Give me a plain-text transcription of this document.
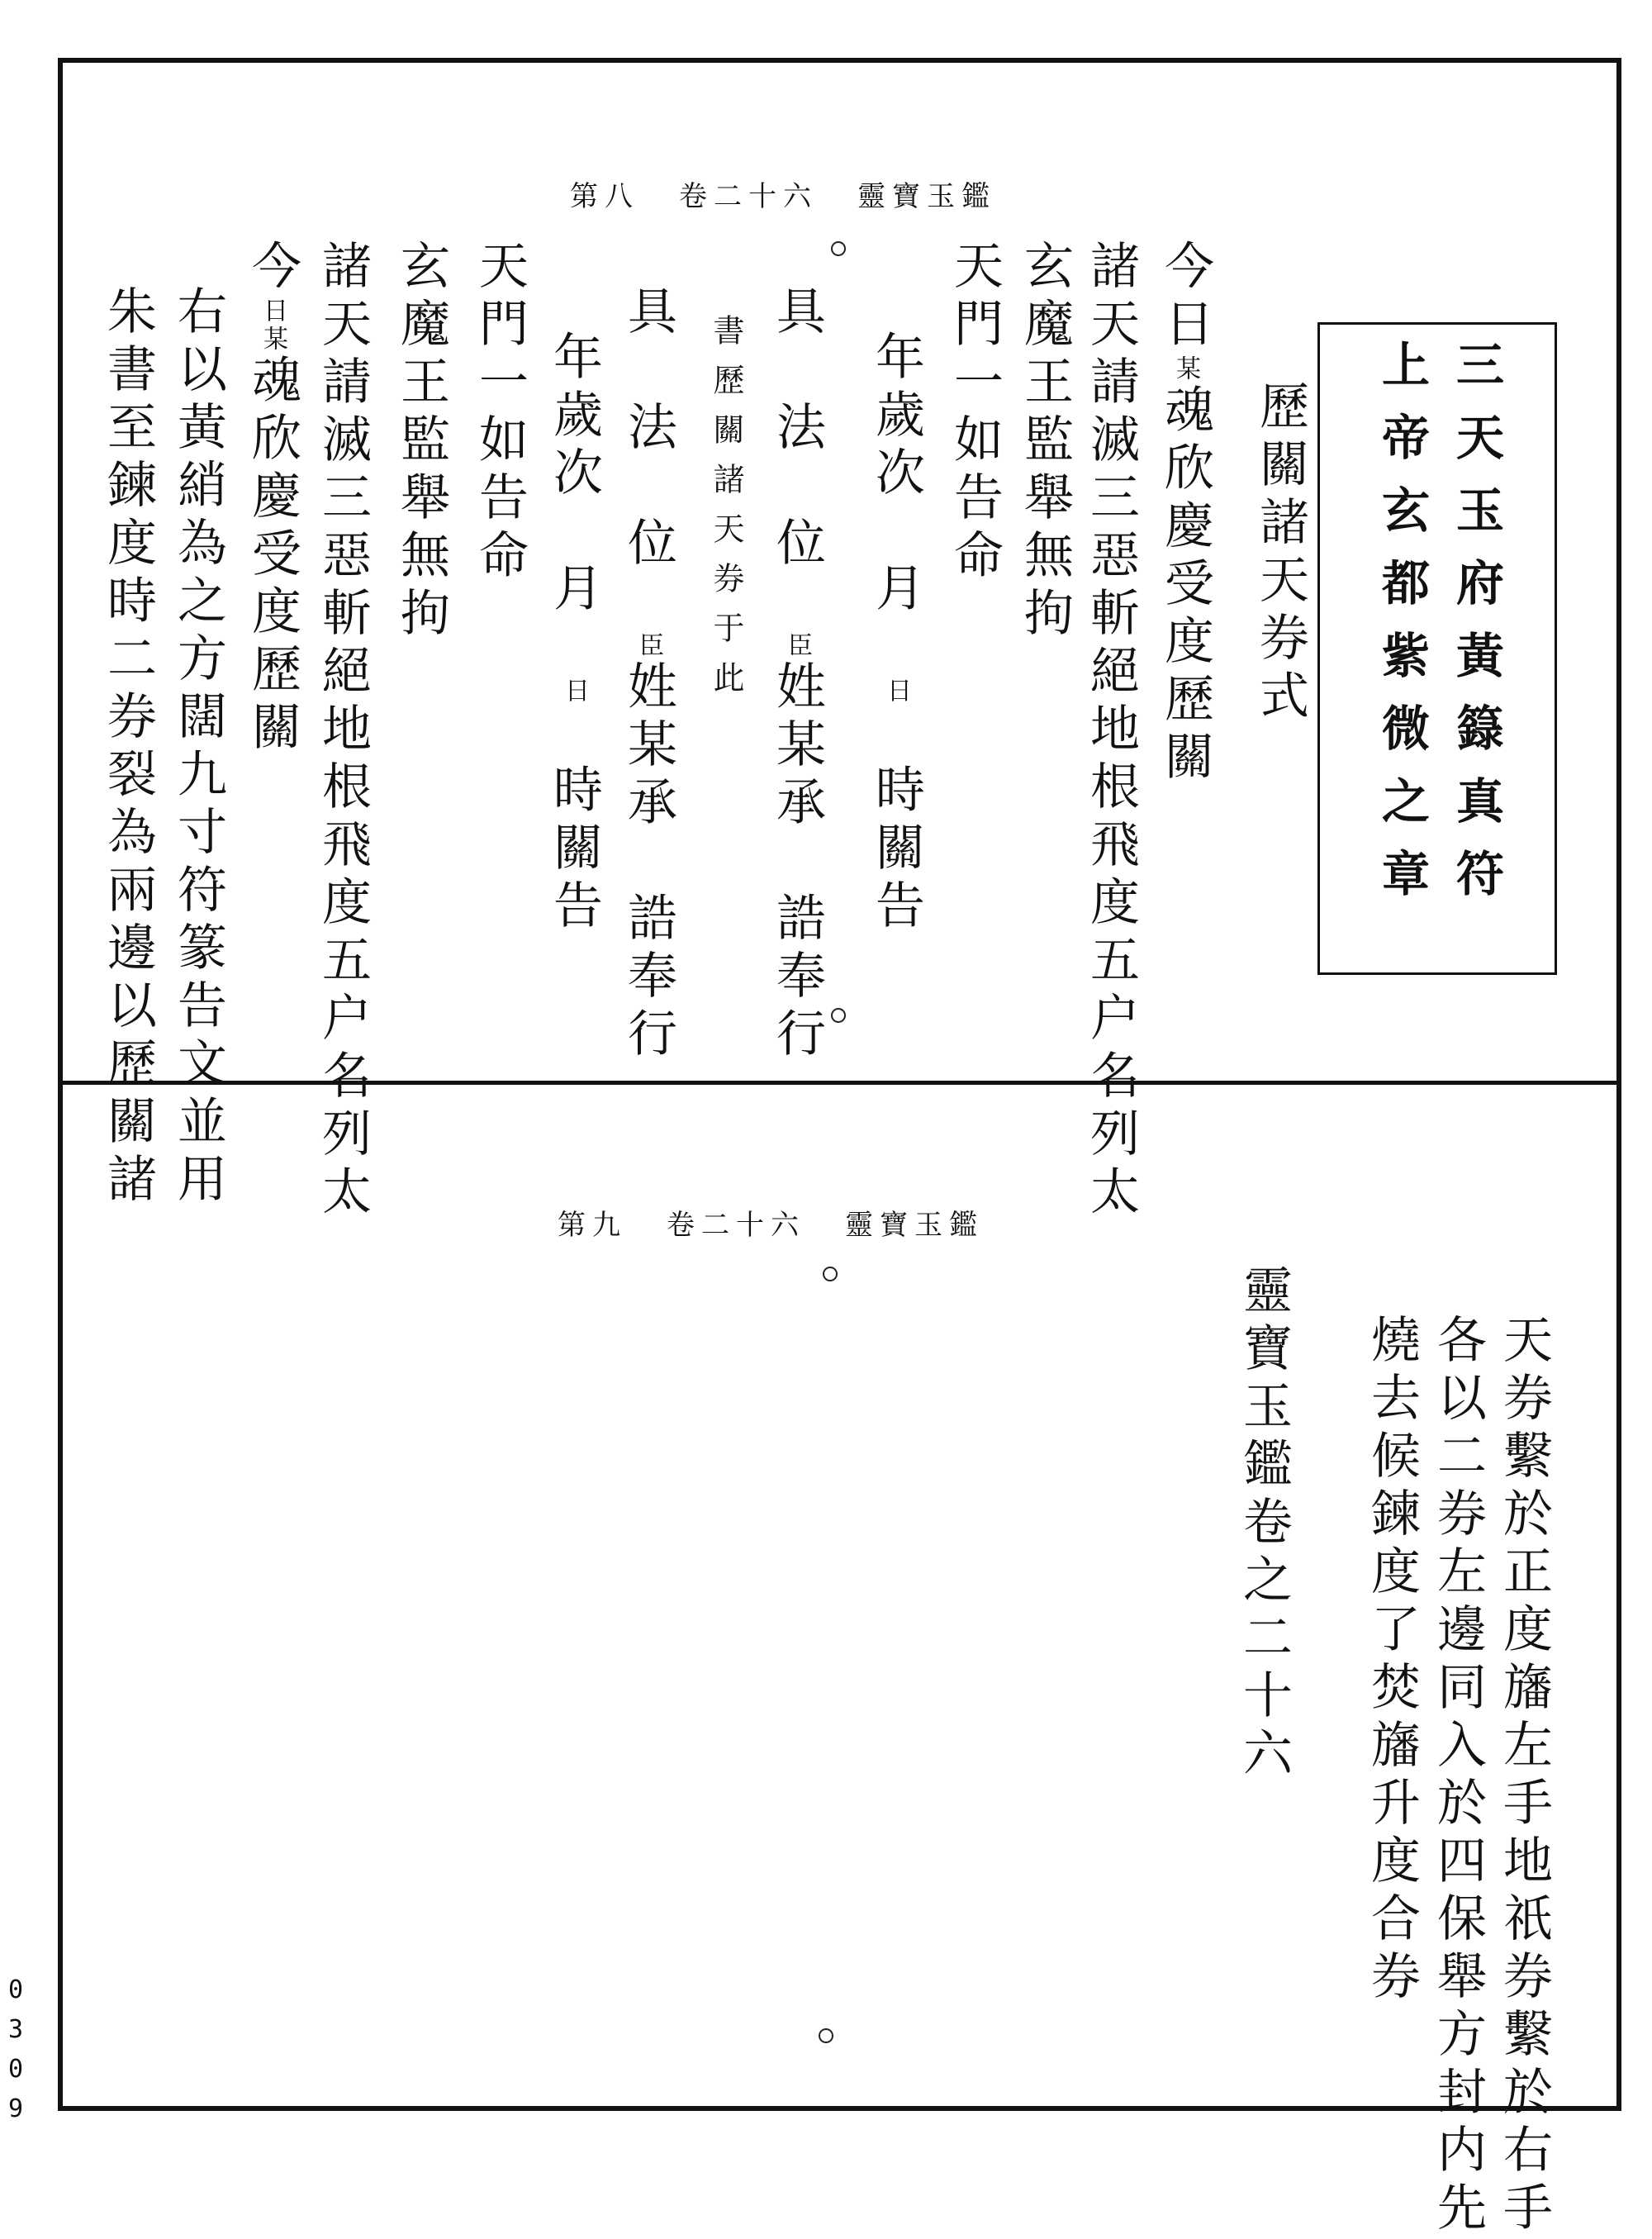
第八 卷二十六 靈寶玉鑑
三天玉府黃籙真符
上帝玄都紫微之章
歷關諸天券式
今日某魂欣慶受度歷關
諸天請滅三惡斬絕地根飛度五户名列太
玄魔王監舉無拘
天門一如告命
年歲次　月　日　時關告
具　法　位　臣姓某承　誥奉行
書歷關諸天券于此
具　法　位　臣姓某承　誥奉行
年歲次　月　日　時關告
天門一如告命
玄魔王監舉無拘
諸天請滅三惡斬絕地根飛度五户名列太
今日某魂欣慶受度歷關
右以黃綃為之方闊九寸符篆告文並用
朱書至鍊度時二券裂為兩邊以歷關諸
第九 卷二十六 靈寶玉鑑
天券繫於正度旛左手地祇券繫於右手
各以二券左邊同入於四保舉方封内先
燒去候鍊度了焚旛升度合券
靈寶玉鑑卷之二十六
0309
